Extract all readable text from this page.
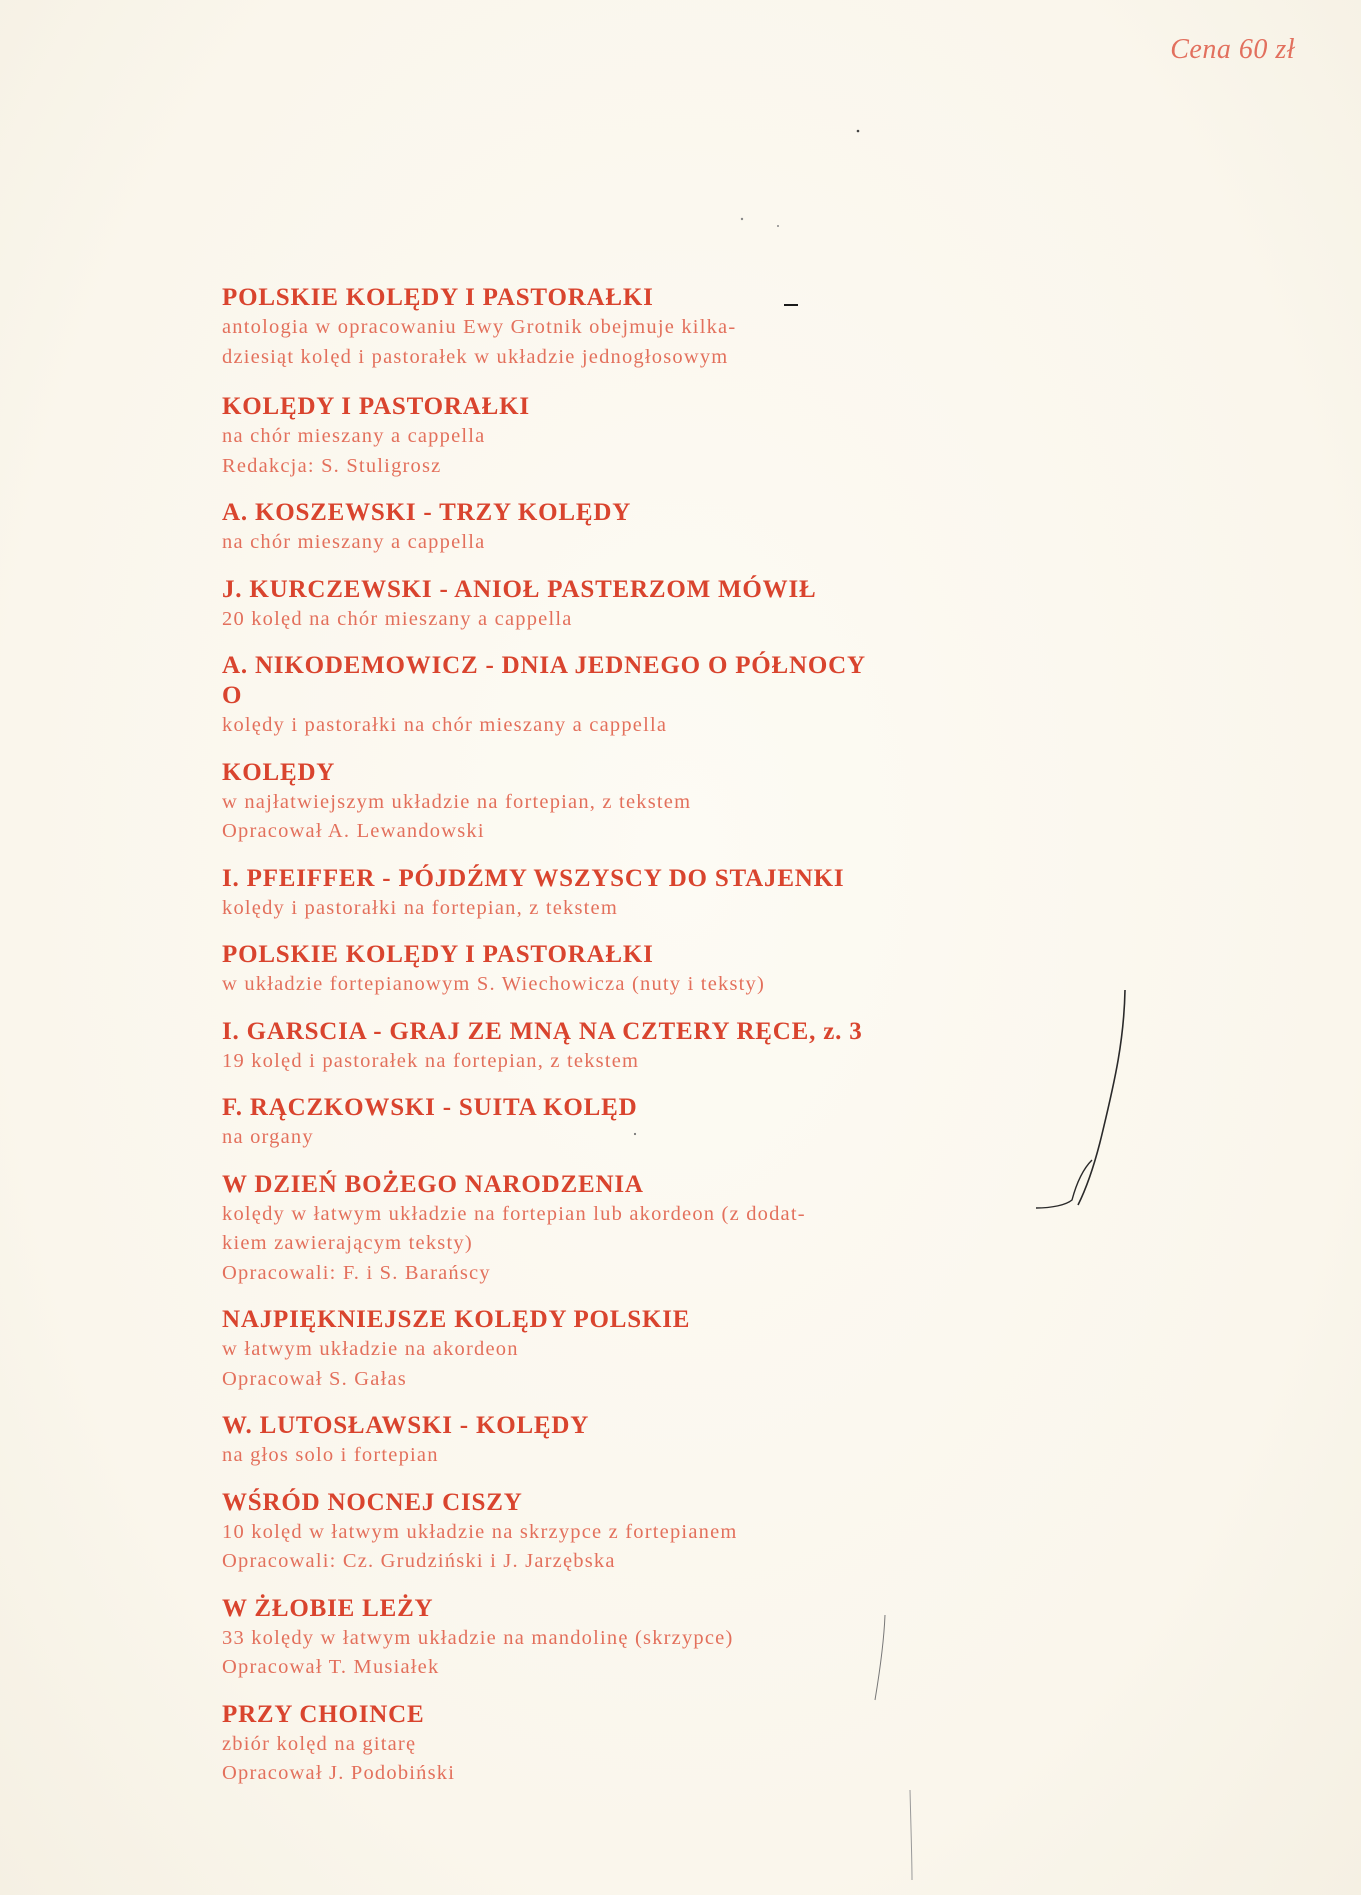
Cena 60 zł
POLSKIE KOLĘDY I PASTORAŁKI
antologia w opracowaniu Ewy Grotnik obejmuje kilka-
dziesiąt kolęd i pastorałek w układzie jednogłosowym
KOLĘDY I PASTORAŁKI
na chór mieszany a cappella
Redakcja: S. Stuligrosz
A. KOSZEWSKI - TRZY KOLĘDY
na chór mieszany a cappella
J. KURCZEWSKI - ANIOŁ PASTERZOM MÓWIŁ
20 kolęd na chór mieszany a cappella
A. NIKODEMOWICZ - DNIA JEDNEGO O PÓŁNOCY
O
kolędy i pastorałki na chór mieszany a cappella
KOLĘDY
w najłatwiejszym układzie na fortepian, z tekstem
Opracował A. Lewandowski
I. PFEIFFER - PÓJDŹMY WSZYSCY DO STAJENKI
kolędy i pastorałki na fortepian, z tekstem
POLSKIE KOLĘDY I PASTORAŁKI
w układzie fortepianowym S. Wiechowicza (nuty i teksty)
I. GARSCIA - GRAJ ZE MNĄ NA CZTERY RĘCE, z. 3
19 kolęd i pastorałek na fortepian, z tekstem
F. RĄCZKOWSKI - SUITA KOLĘD
na organy
W DZIEŃ BOŻEGO NARODZENIA
kolędy w łatwym układzie na fortepian lub akordeon (z dodat-
kiem zawierającym teksty)
Opracowali: F. i S. Barańscy
NAJPIĘKNIEJSZE KOLĘDY POLSKIE
w łatwym układzie na akordeon
Opracował S. Gałas
W. LUTOSŁAWSKI - KOLĘDY
na głos solo i fortepian
WŚRÓD NOCNEJ CISZY
10 kolęd w łatwym układzie na skrzypce z fortepianem
Opracowali: Cz. Grudziński i J. Jarzębska
W ŻŁOBIE LEŻY
33 kolędy w łatwym układzie na mandolinę (skrzypce)
Opracował T. Musiałek
PRZY CHOINCE
zbiór kolęd na gitarę
Opracował J. Podobiński
